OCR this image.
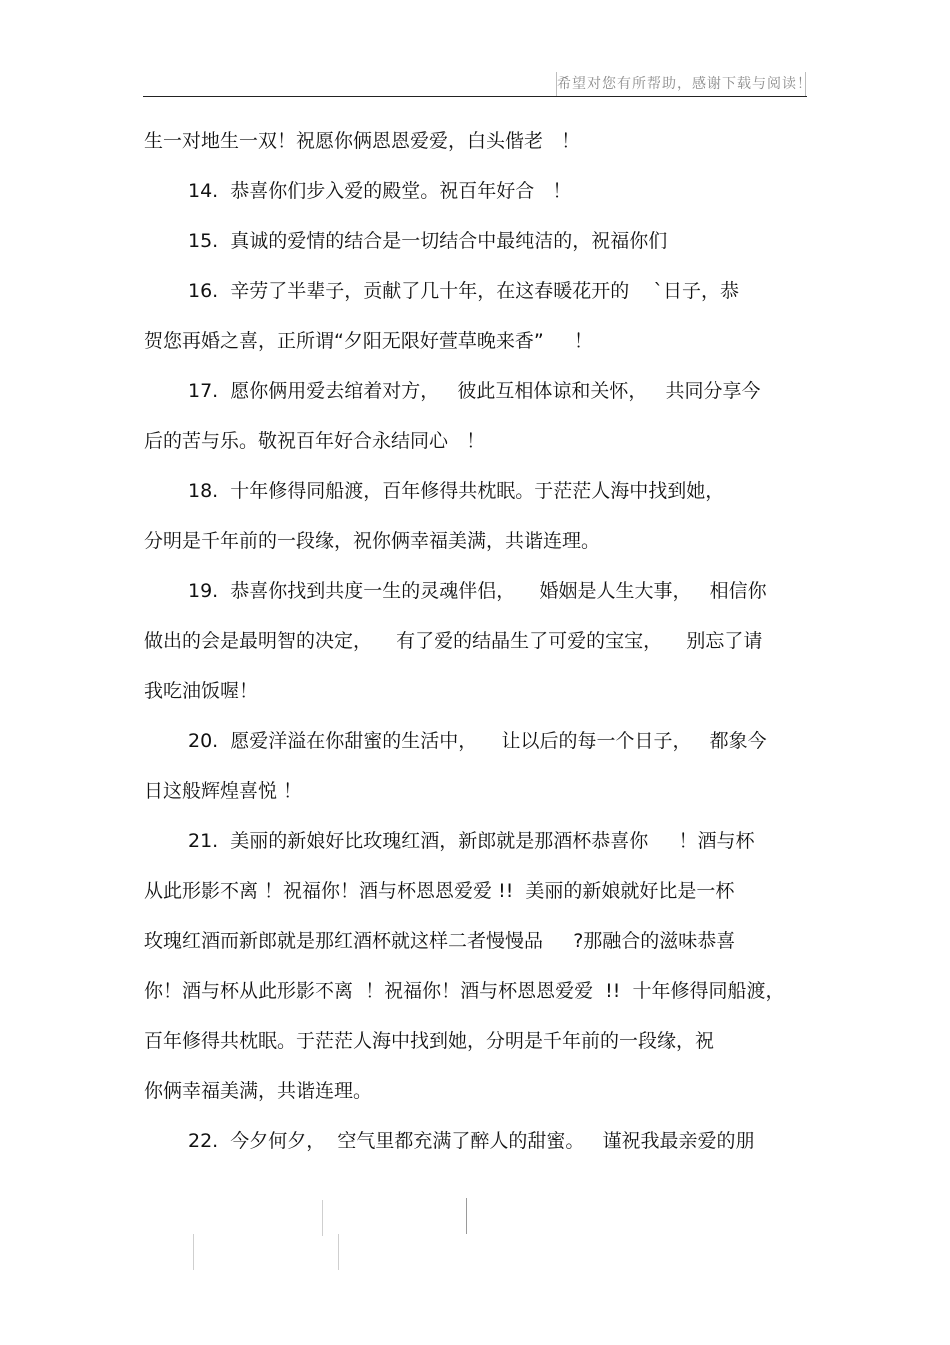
希望对您有所帮助，感谢下载与阅读！
生一对地生一双！祝愿你俩恩恩爱爱，白头偕老   ！
14.  恭喜你们步入爱的殿堂。祝百年好合   ！
15.  真诚的爱情的结合是一切结合中最纯洁的，祝福你们
16.  辛劳了半辈子，贡献了几十年，在这春暖花开的    `日子，恭
贺您再婚之喜，正所谓“夕阳无限好萱草晚来香”     ！
17.  愿你俩用爱去绾着对方，   彼此互相体谅和关怀，   共同分享今
后的苦与乐。敬祝百年好合永结同心   ！
18.  十年修得同船渡，百年修得共枕眠。于茫茫人海中找到她，
分明是千年前的一段缘，祝你俩幸福美满，共谐连理。
19.  恭喜你找到共度一生的灵魂伴侣，    婚姻是人生大事，   相信你
做出的会是最明智的决定，    有了爱的结晶生了可爱的宝宝，    别忘了请
我吃油饭喔！
20.  愿爱洋溢在你甜蜜的生活中，    让以后的每一个日子，   都象今
日这般辉煌喜悦 ！
21.  美丽的新娘好比玫瑰红酒，新郎就是那酒杯恭喜你     ！酒与杯
从此形影不离 ！祝福你！酒与杯恩恩爱爱 !!  美丽的新娘就好比是一杯
玫瑰红酒而新郎就是那红酒杯就这样二者慢慢品     ?那融合的滋味恭喜
你！酒与杯从此形影不离  ！祝福你！酒与杯恩恩爱爱  !!  十年修得同船渡，
百年修得共枕眠。于茫茫人海中找到她，分明是千年前的一段缘，祝
你俩幸福美满，共谐连理。
22.  今夕何夕，  空气里都充满了醉人的甜蜜。   谨祝我最亲爱的朋
